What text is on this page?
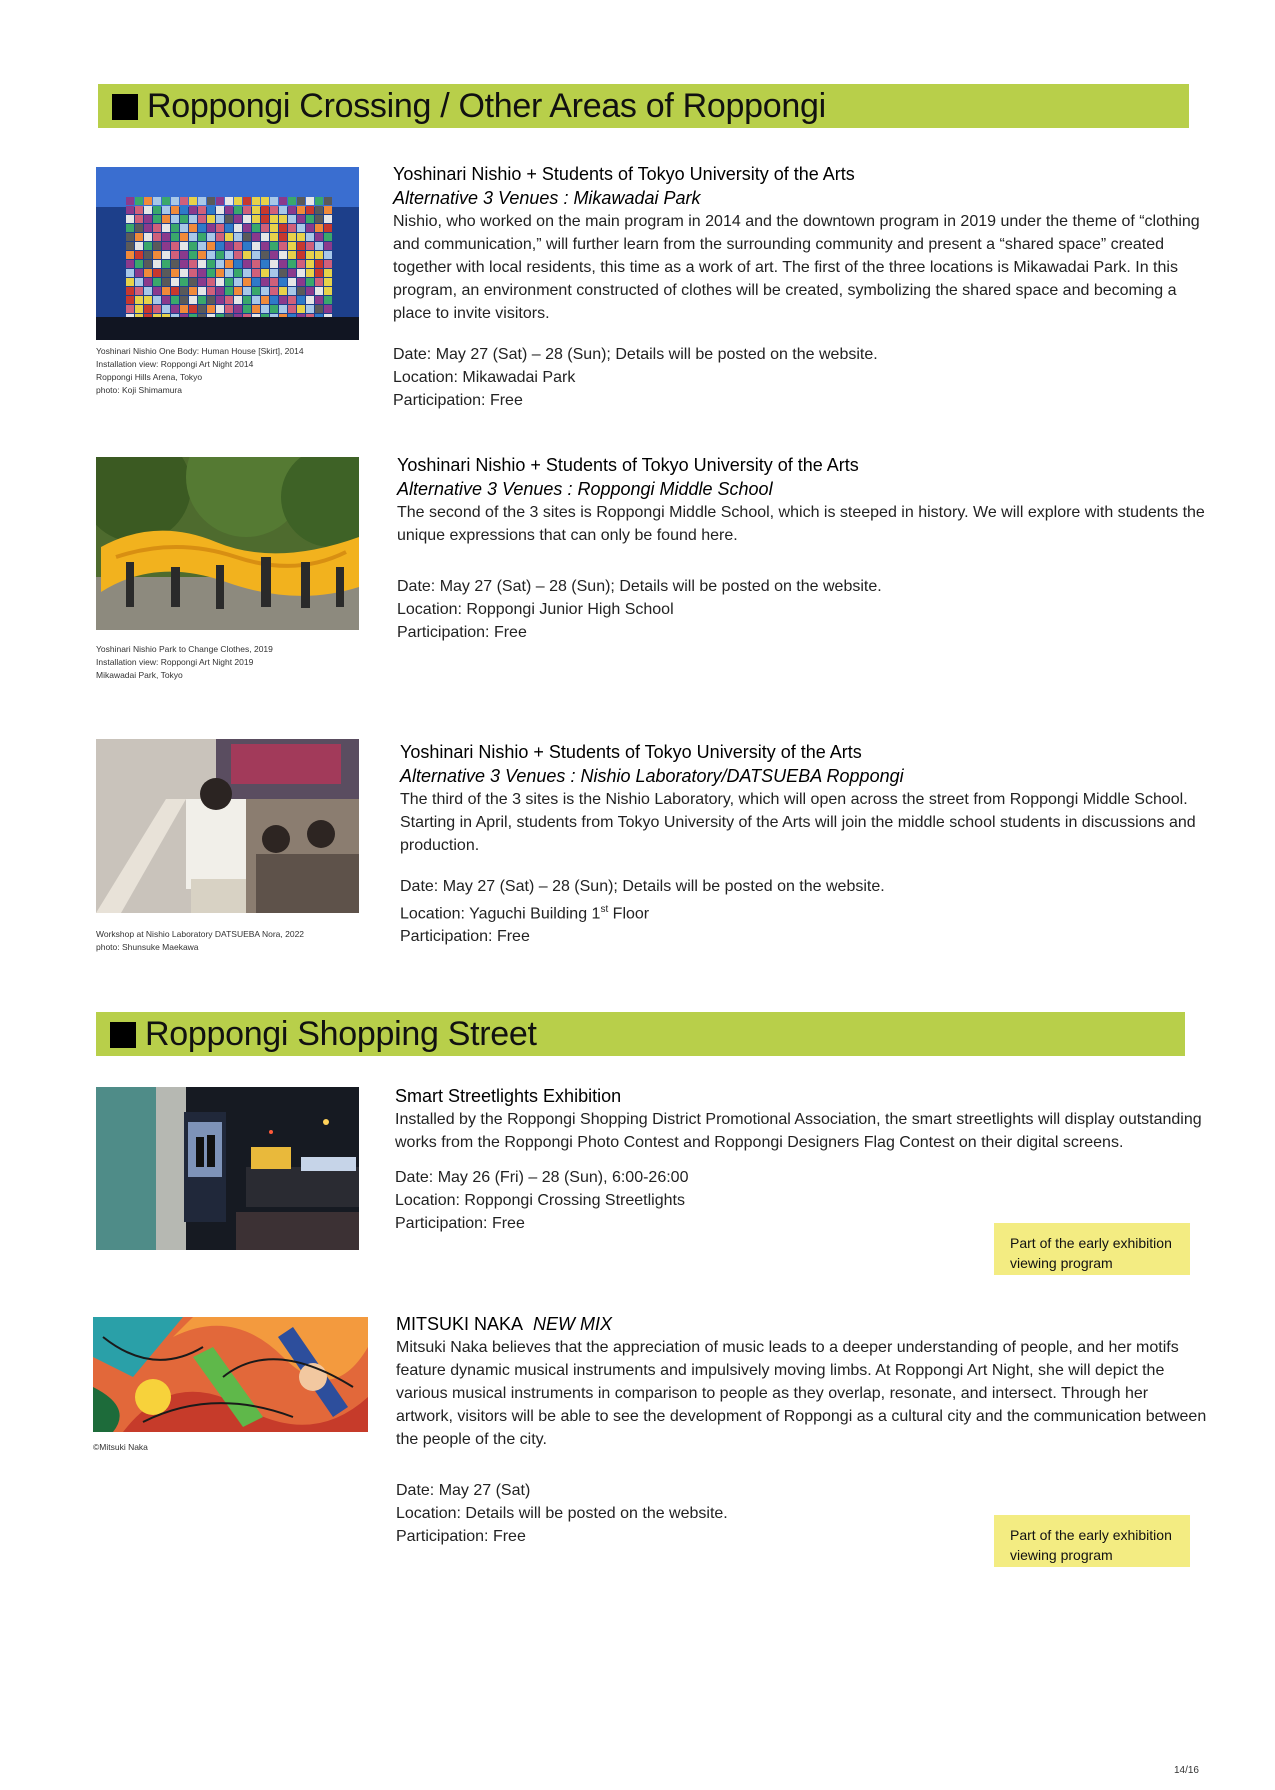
Roppongi Crossing / Other Areas of Roppongi
Yoshinari Nishio One Body: Human House [Skirt], 2014
Installation view: Roppongi Art Night 2014
Roppongi Hills Arena, Tokyo
photo: Koji Shimamura
Yoshinari Nishio + Students of Tokyo University of the Arts
Alternative 3 Venues : Mikawadai Park

Nishio, who worked on the main program in 2014 and the downtown program in 2019 under the theme of “clothing and communication,” will further learn from the surrounding community and present a “shared space” created together with local residents, this time as a work of art. The first of the three locations is Mikawadai Park. In this program, an environment constructed of clothes will be created, symbolizing the shared space and becoming a place to invite visitors.

Date: May 27 (Sat) – 28 (Sun); Details will be posted on the website.
Location: Mikawadai Park
Participation: Free
Yoshinari Nishio Park to Change Clothes, 2019
Installation view: Roppongi Art Night 2019
Mikawadai Park, Tokyo
Yoshinari Nishio + Students of Tokyo University of the Arts
Alternative 3 Venues : Roppongi Middle School

The second of the 3 sites is Roppongi Middle School, which is steeped in history. We will explore with students the unique expressions that can only be found here.

Date: May 27 (Sat) – 28 (Sun); Details will be posted on the website.
Location: Roppongi Junior High School
Participation: Free
Workshop at Nishio Laboratory DATSUEBA Nora, 2022
photo: Shunsuke Maekawa
Yoshinari Nishio + Students of Tokyo University of the Arts
Alternative 3 Venues : Nishio Laboratory/DATSUEBA Roppongi

The third of the 3 sites is the Nishio Laboratory, which will open across the street from Roppongi Middle School. Starting in April, students from Tokyo University of the Arts will join the middle school students in discussions and production.

Date: May 27 (Sat) – 28 (Sun); Details will be posted on the website.
Location: Yaguchi Building 1st Floor
Participation: Free
Roppongi Shopping Street
Smart Streetlights Exhibition

Installed by the Roppongi Shopping District Promotional Association, the smart streetlights will display outstanding works from the Roppongi Photo Contest and Roppongi Designers Flag Contest on their digital screens.

Date: May 26 (Fri) – 28 (Sun), 6:00-26:00
Location: Roppongi Crossing Streetlights
Participation: Free
Part of the early exhibition
viewing program
©Mitsuki Naka
MITSUKI NAKA NEW MIX

Mitsuki Naka believes that the appreciation of music leads to a deeper understanding of people, and her motifs feature dynamic musical instruments and impulsively moving limbs. At Roppongi Art Night, she will depict the various musical instruments in comparison to people as they overlap, resonate, and intersect. Through her artwork, visitors will be able to see the development of Roppongi as a cultural city and the communication between the people of the city.

Date: May 27 (Sat)
Location: Details will be posted on the website.
Participation: Free	Part of the early exhibition
viewing program
14/16
